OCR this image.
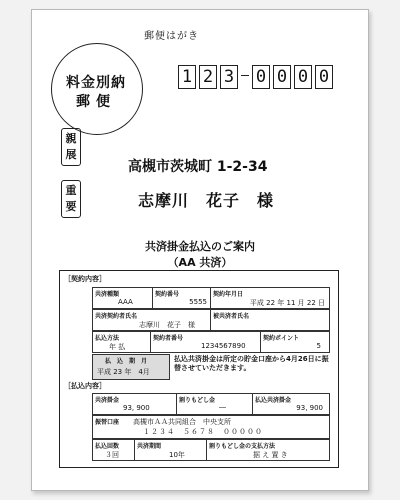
郵便はがき
料金別納
郵便
1 2 3 0 0 0 0
親
展
重
要
高槻市茨城町 1-2-34
志摩川　花子　様
共済掛金払込のご案内
（AA 共済）
［契約内容］
共済種類
AAA
契約番号
5555
契約年月日
平成 22 年 11 月 22 日
共済契約者氏名
志摩川　花子　様
被共済者氏名
払込方法
年 払
契約者番号
1234567890
契約ポイント
5
払　込　期　月
平成 23 年　4月
払込共済掛金は所定の貯金口座から4月26日に振替させていただきます。
［払込内容］
共済掛金
93, 900
割りもどし金
―
払込共済掛金
93, 900
振替口座 高槻市ＡＡ共同組合　中央支所
１２３４　５６７８　０００００
払込回数
３回
共済期間
10年
割りもどし金の支払方法
据 え 置 き
